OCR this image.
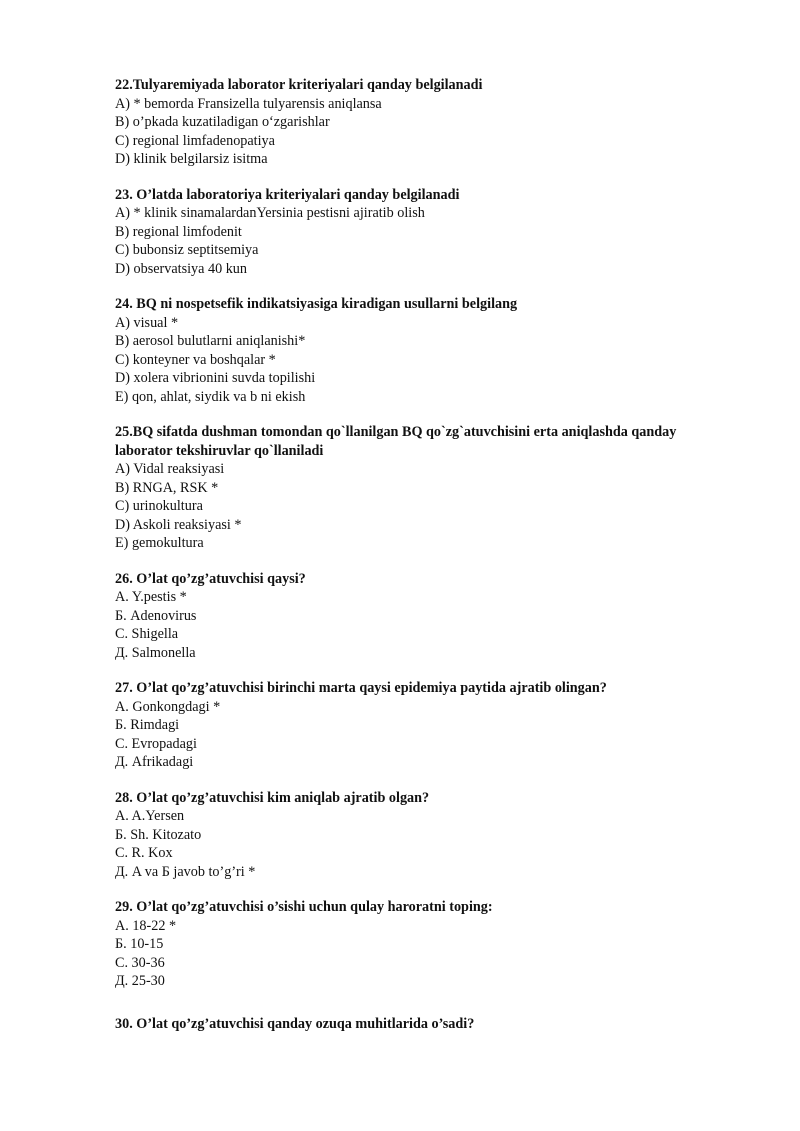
22.Tulyaremiyada laborator kriteriyalari qanday belgilanadi
A) * bemorda Fransizella tulyarensis aniqlansa
B) o’pkada kuzatiladigan o‘zgarishlar
C) regional limfadenopatiya
D) klinik belgilarsiz isitma
23. O’latda laboratoriya kriteriyalari qanday belgilanadi
A) * klinik sinamalardanYersinia pestisni ajiratib olish
B) regional limfodenit
C) bubonsiz septitsemiya
D) observatsiya 40 kun
24. BQ ni nospetsefik indikatsiyasiga kiradigan usullarni belgilang
A) visual *
B) aerosol bulutlarni aniqlanishi*
C) konteyner va boshqalar *
D) xolera vibrionini suvda topilishi
E) qon, ahlat, siydik va b ni ekish
25.BQ sifatda dushman tomondan qo`llanilgan BQ qo`zg`atuvchisini erta aniqlashda qanday laborator tekshiruvlar qo`llaniladi
A) Vidal reaksiyasi
B) RNGA, RSK *
C) urinokultura
D) Askoli reaksiyasi *
E) gemokultura
26. O’lat qo’zg’atuvchisi qaysi?
A. Y.pestis *
Б. Adenovirus
C. Shigella
Д. Salmonella
27. O’lat qo’zg’atuvchisi birinchi marta qaysi epidemiya paytida ajratib olingan?
A. Gonkongdagi *
Б. Rimdagi
C. Evropadagi
Д. Afrikadagi
28. O’lat qo’zg’atuvchisi kim aniqlab ajratib olgan?
A. A.Yersen
Б. Sh. Kitozato
C. R. Kox
Д. A va Б javob to’g’ri *
29. O’lat qo’zg’atuvchisi o’sishi uchun qulay haroratni toping:
A. 18-22 *
Б. 10-15
C. 30-36
Д. 25-30
30. O’lat qo’zg’atuvchisi qanday ozuqa muhitlarida o’sadi?
